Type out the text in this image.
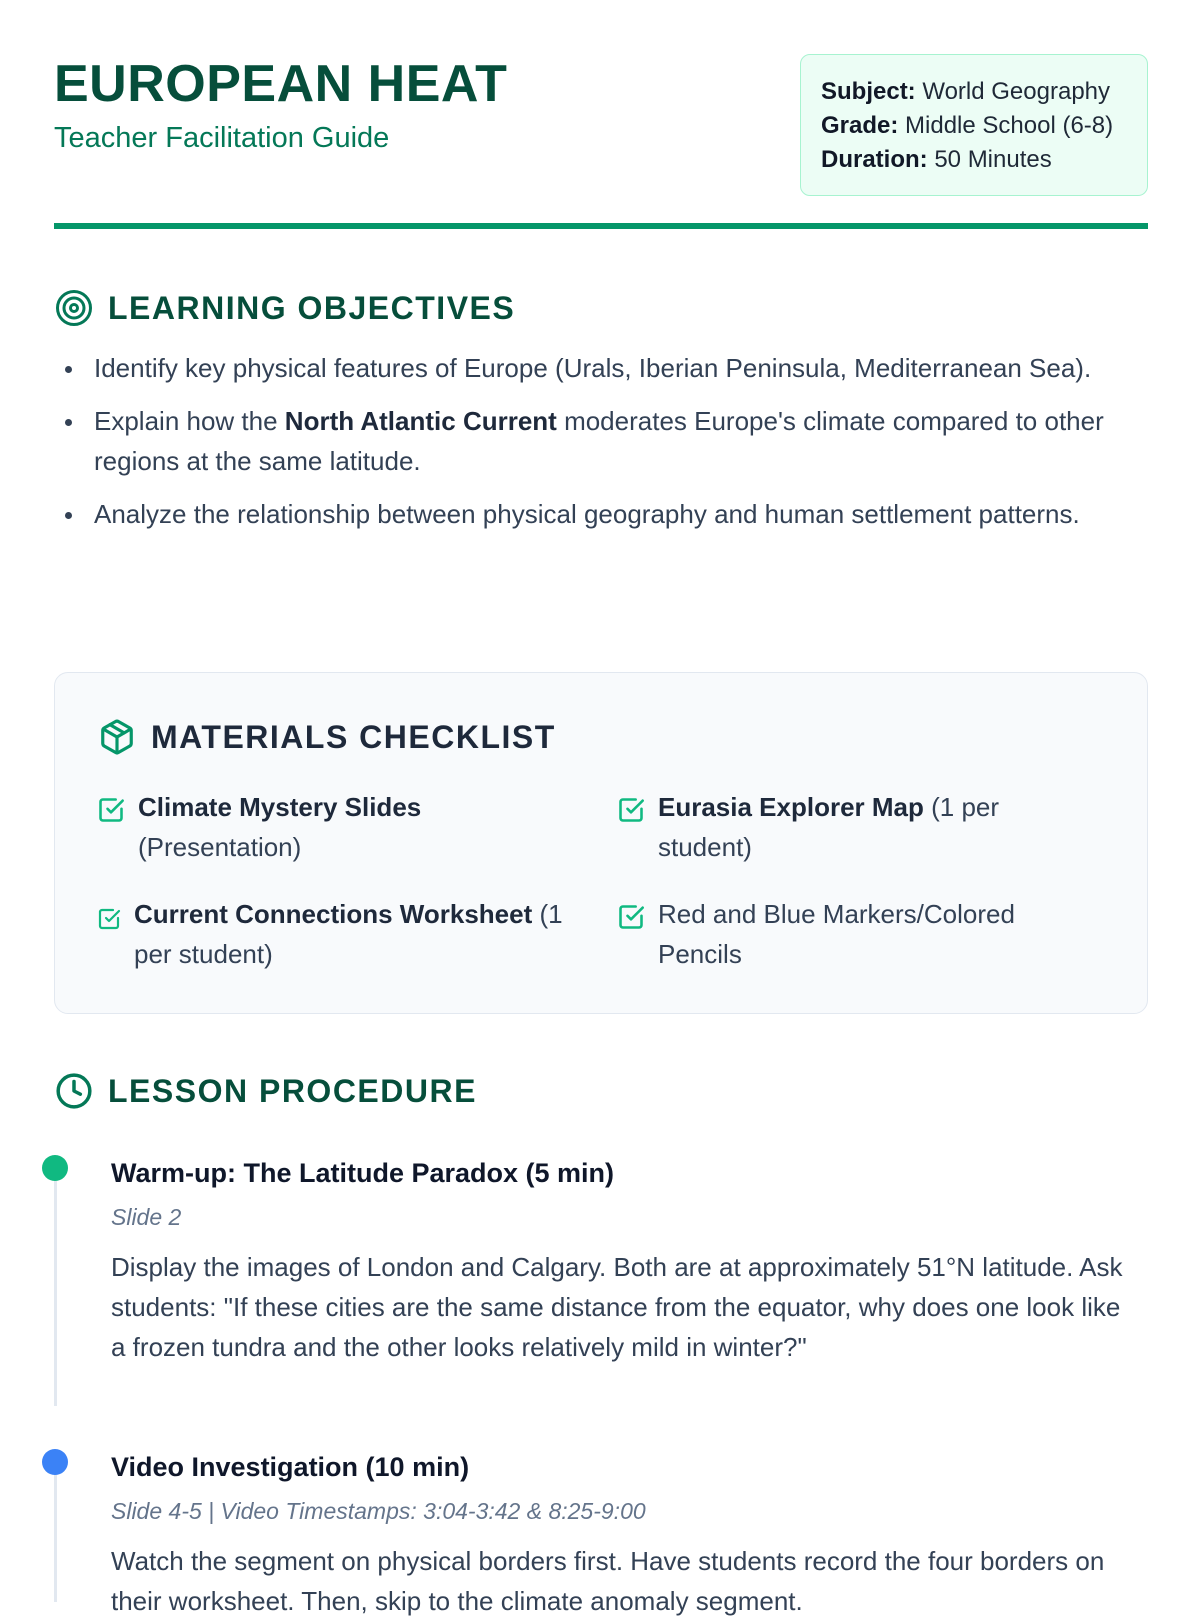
EUROPEAN HEAT
Teacher Facilitation Guide
Subject: World Geography
Grade: Middle School (6-8)
Duration: 50 Minutes
LEARNING OBJECTIVES
Identify key physical features of Europe (Urals, Iberian Peninsula, Mediterranean Sea).
Explain how the North Atlantic Current moderates Europe's climate compared to other regions at the same latitude.
Analyze the relationship between physical geography and human settlement patterns.
MATERIALS CHECKLIST
Climate Mystery Slides (Presentation)
Eurasia Explorer Map (1 per student)
Current Connections Worksheet (1 per student)
Red and Blue Markers/Colored Pencils
LESSON PROCEDURE
Warm-up: The Latitude Paradox (5 min)
Slide 2
Display the images of London and Calgary. Both are at approximately 51°N latitude. Ask students: "If these cities are the same distance from the equator, why does one look like a frozen tundra and the other looks relatively mild in winter?"
Video Investigation (10 min)
Slide 4-5 | Video Timestamps: 3:04-3:42 & 8:25-9:00
Watch the segment on physical borders first. Have students record the four borders on their worksheet. Then, skip to the climate anomaly segment.
